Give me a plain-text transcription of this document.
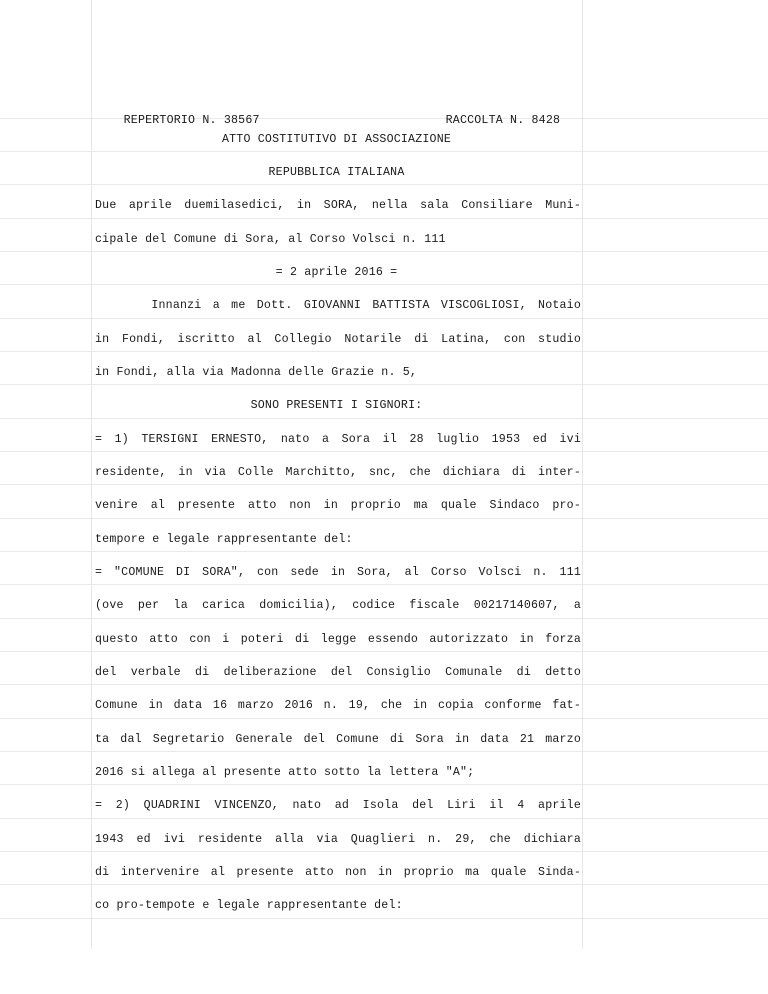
REPERTORIO N. 38567	RACCOLTA N. 8428

ATTO COSTITUTIVO DI ASSOCIAZIONE
REPUBBLICA ITALIANA
Due aprile duemilasedici, in SORA, nella sala Consiliare Muni-
cipale del Comune di Sora, al Corso Volsci n. 111
= 2 aprile 2016 =
Innanzi a me Dott. GIOVANNI BATTISTA VISCOGLIOSI, Notaio
in Fondi, iscritto al Collegio Notarile di Latina, con studio
in Fondi, alla via Madonna delle Grazie n. 5,
SONO PRESENTI I SIGNORI:
= 1) TERSIGNI ERNESTO, nato a Sora il 28 luglio 1953 ed ivi
residente, in via Colle Marchitto, snc, che dichiara di inter-
venire al presente atto non in proprio ma quale Sindaco pro-
tempore e legale rappresentante del:
= "COMUNE DI SORA", con sede in Sora, al Corso Volsci n. 111
(ove per la carica domicilia), codice fiscale 00217140607, a
questo atto con i poteri di legge essendo autorizzato in forza
del verbale di deliberazione del Consiglio Comunale di detto
Comune in data 16 marzo 2016 n. 19, che in copia conforme fat-
ta dal Segretario Generale del Comune di Sora in data 21 marzo
2016 si allega al presente atto sotto la lettera "A";
= 2) QUADRINI VINCENZO, nato ad Isola del Liri il 4 aprile
1943 ed ivi residente alla via Quaglieri n. 29, che dichiara
di intervenire al presente atto non in proprio ma quale Sinda-
co pro-tempote e legale rappresentante del:
